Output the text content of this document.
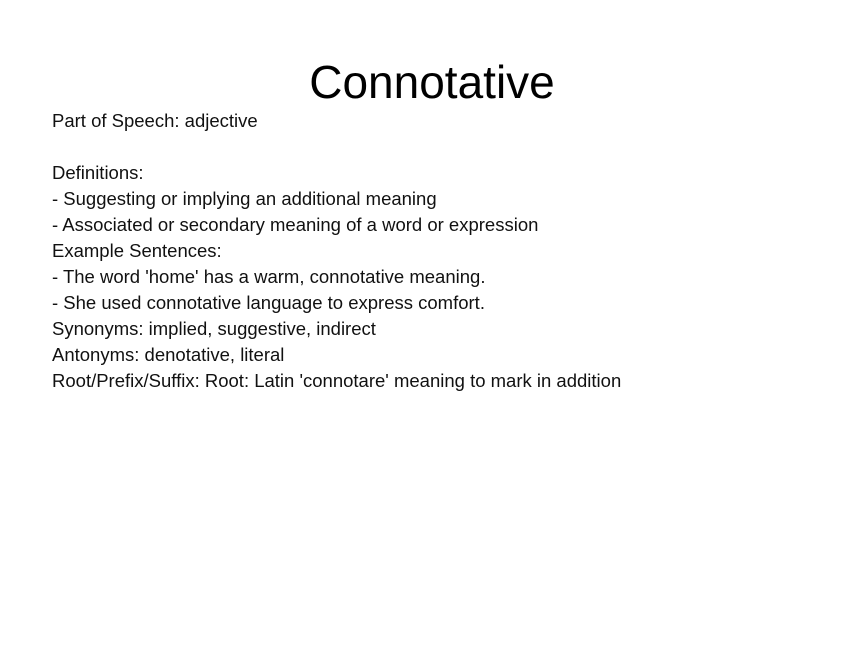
Connotative
Part of Speech: adjective
Definitions:
- Suggesting or implying an additional meaning
- Associated or secondary meaning of a word or expression
Example Sentences:
- The word 'home' has a warm, connotative meaning.
- She used connotative language to express comfort.
Synonyms: implied, suggestive, indirect
Antonyms: denotative, literal
Root/Prefix/Suffix: Root: Latin 'connotare' meaning to mark in addition
